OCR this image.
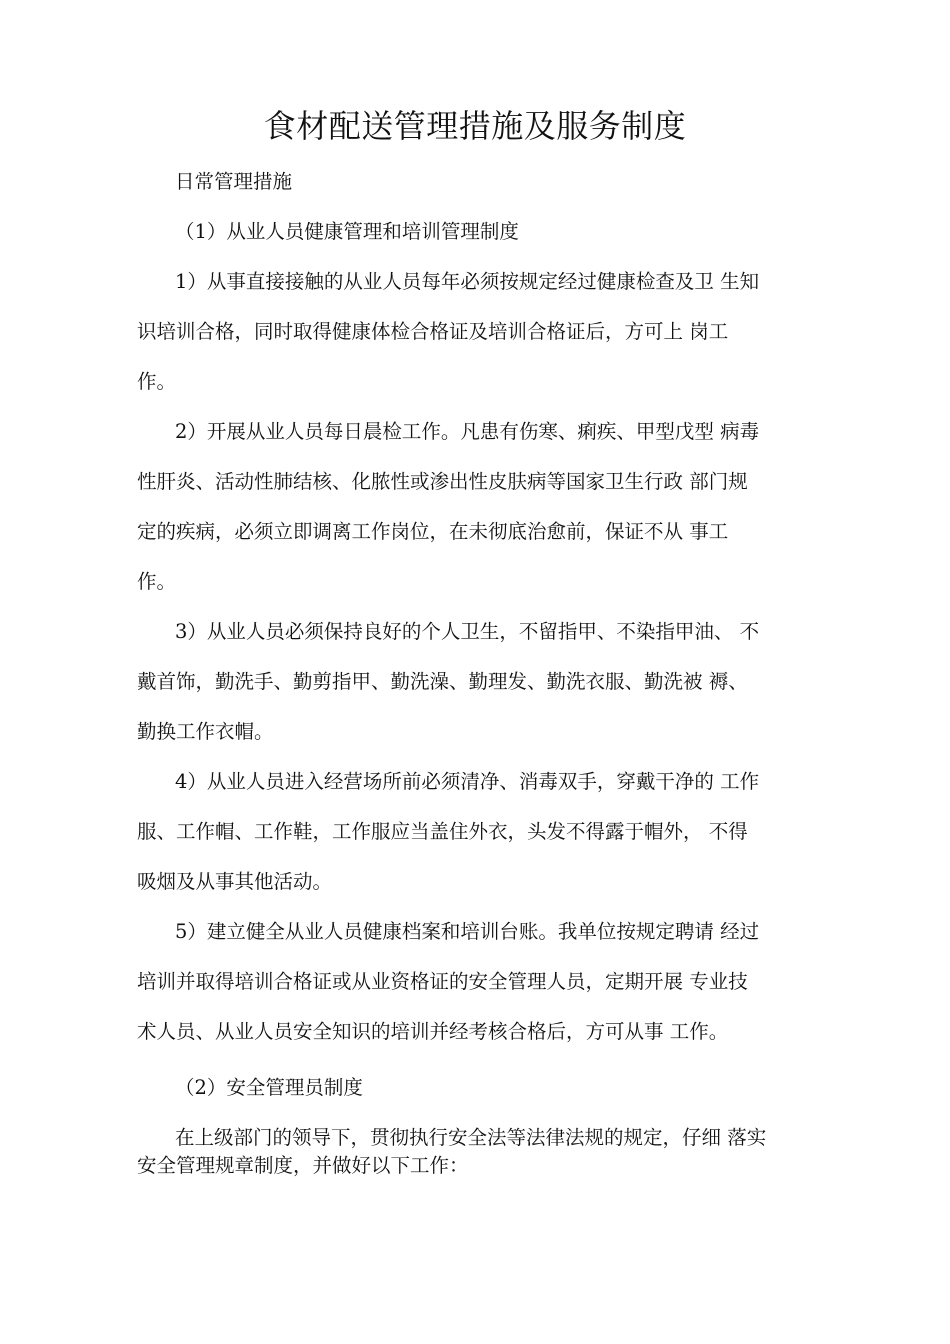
食材配送管理措施及服务制度

日常管理措施

（1）从业人员健康管理和培训管理制度

1）从事直接接触的从业人员每年必须按规定经过健康检查及卫 生知

识培训合格，同时取得健康体检合格证及培训合格证后，方可上 岗工

作。

2）开展从业人员每日晨检工作。凡患有伤寒、痢疾、甲型戊型 病毒

性肝炎、活动性肺结核、化脓性或渗出性皮肤病等国家卫生行政 部门规

定的疾病，必须立即调离工作岗位，在未彻底治愈前，保证不从 事工

作。

3）从业人员必须保持良好的个人卫生，不留指甲、不染指甲油、 不

戴首饰，勤洗手、勤剪指甲、勤洗澡、勤理发、勤洗衣服、勤洗被 褥、

勤换工作衣帽。

4）从业人员进入经营场所前必须清净、消毒双手，穿戴干净的 工作

服、工作帽、工作鞋，工作服应当盖住外衣，头发不得露于帽外， 不得

吸烟及从事其他活动。

5）建立健全从业人员健康档案和培训台账。我单位按规定聘请 经过

培训并取得培训合格证或从业资格证的安全管理人员，定期开展 专业技

术人员、从业人员安全知识的培训并经考核合格后，方可从事 工作。

（2）安全管理员制度

在上级部门的领导下，贯彻执行安全法等法律法规的规定，仔细 落实

安全管理规章制度，并做好以下工作：
